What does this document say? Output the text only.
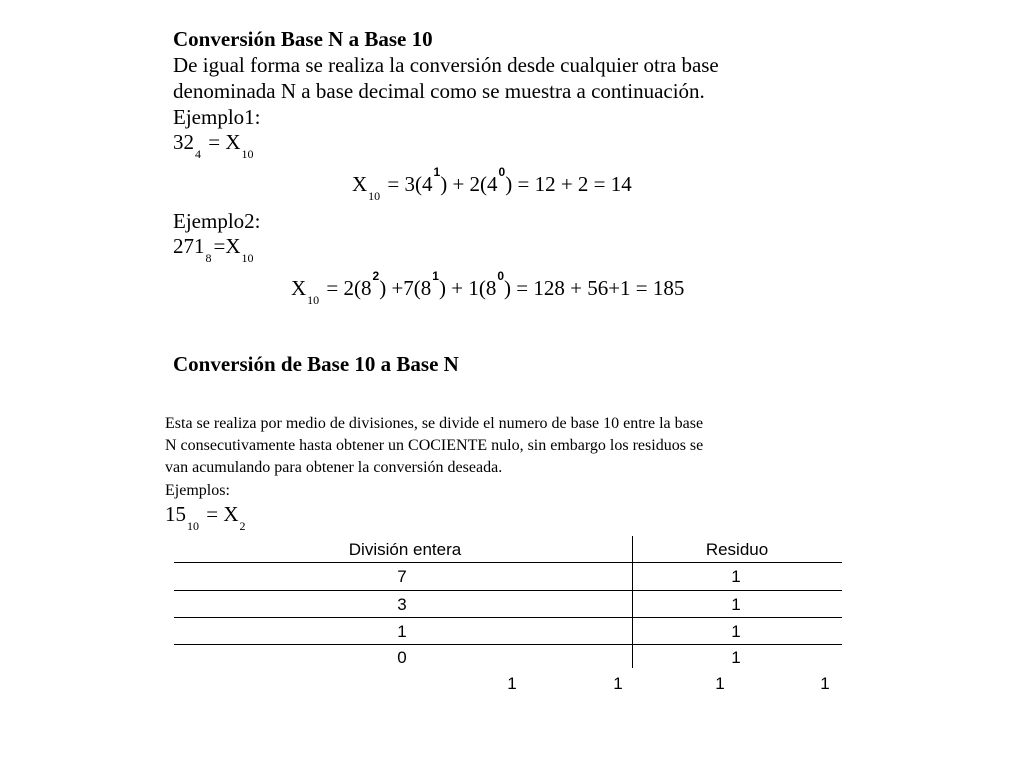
Conversión Base N a Base 10
De igual forma se realiza la conversión desde cualquier otra base
denominada N a base decimal como se muestra a continuación.
Ejemplo1:
$32_4 = X_{10}$
$X_{10} = 3(4^1) + 2(4^0) = 12 + 2 = 14$
Ejemplo2:
$271_8=X_{10}$
$X_{10} = 2(8^2) +7(8^1) + 1(8^0) = 128 + 56+1 = 185$
Conversión de Base 10 a Base N
Esta se realiza por medio de divisiones, se divide el numero de base 10 entre la base
N consecutivamente hasta obtener un COCIENTE nulo, sin embargo los residuos se
van acumulando para obtener la conversión deseada.
Ejemplos:
$15_{10} = X_2$
División entera	Residuo
7	1
3	1
1	1
0	1
1	1	1	1
